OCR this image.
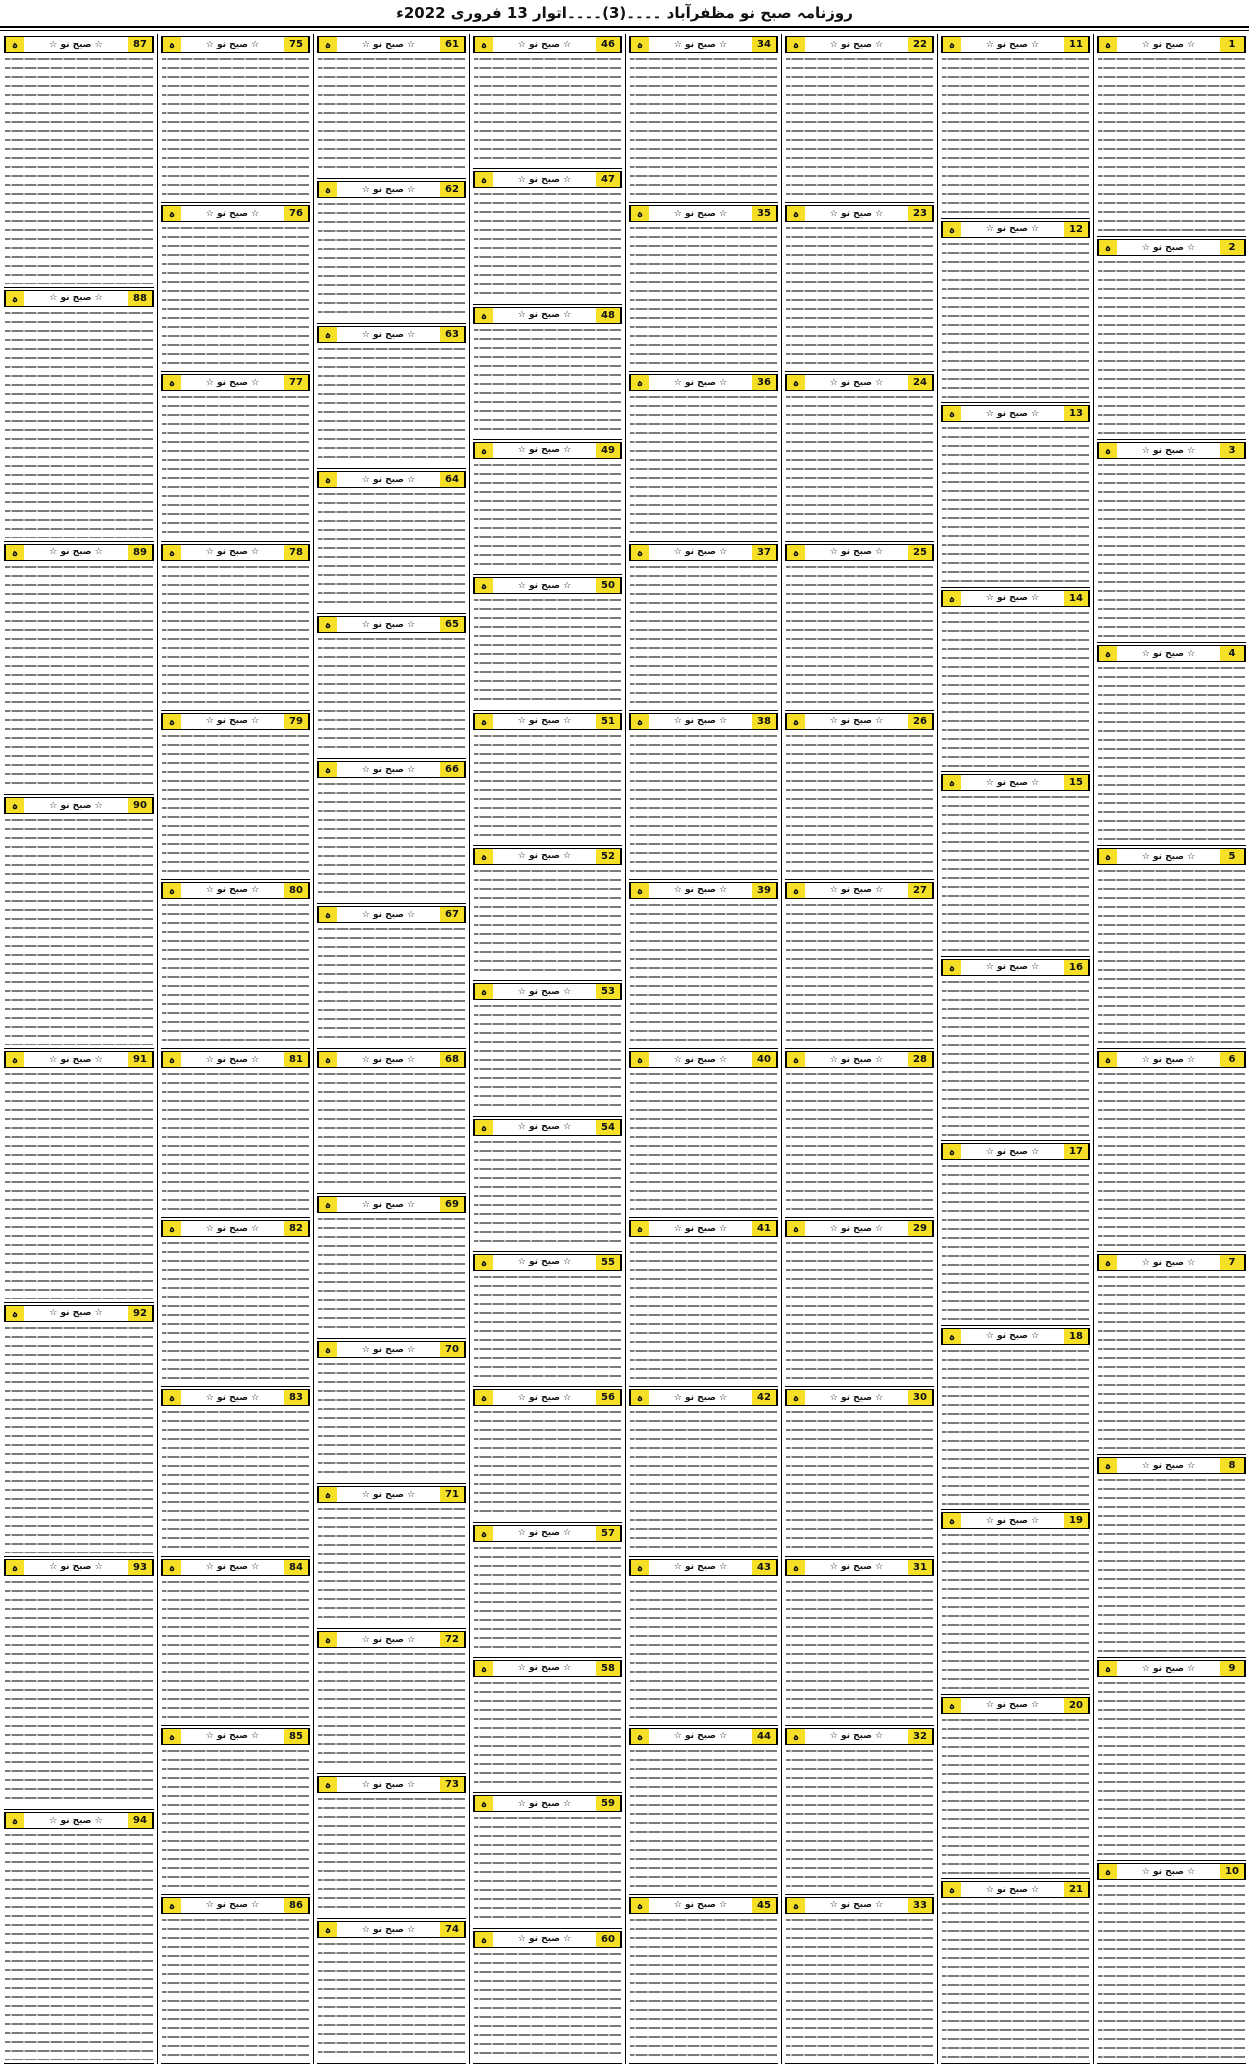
روزنامہ صبح نو مظفرآباد ۔۔۔۔(3)۔۔۔۔اتوار 13 فروری 2022ء
ہ	☆ صبح نو ☆	1
ہ	☆ صبح نو ☆	2
ہ	☆ صبح نو ☆	3
ہ	☆ صبح نو ☆	4
ہ	☆ صبح نو ☆	5
ہ	☆ صبح نو ☆	6
ہ	☆ صبح نو ☆	7
ہ	☆ صبح نو ☆	8
ہ	☆ صبح نو ☆	9
ہ	☆ صبح نو ☆	10
ہ	☆ صبح نو ☆	11
ہ	☆ صبح نو ☆	12
ہ	☆ صبح نو ☆	13
ہ	☆ صبح نو ☆	14
ہ	☆ صبح نو ☆	15
ہ	☆ صبح نو ☆	16
ہ	☆ صبح نو ☆	17
ہ	☆ صبح نو ☆	18
ہ	☆ صبح نو ☆	19
ہ	☆ صبح نو ☆	20
ہ	☆ صبح نو ☆	21
ہ	☆ صبح نو ☆	22
ہ	☆ صبح نو ☆	23
ہ	☆ صبح نو ☆	24
ہ	☆ صبح نو ☆	25
ہ	☆ صبح نو ☆	26
ہ	☆ صبح نو ☆	27
ہ	☆ صبح نو ☆	28
ہ	☆ صبح نو ☆	29
ہ	☆ صبح نو ☆	30
ہ	☆ صبح نو ☆	31
ہ	☆ صبح نو ☆	32
ہ	☆ صبح نو ☆	33
ہ	☆ صبح نو ☆	34
ہ	☆ صبح نو ☆	35
ہ	☆ صبح نو ☆	36
ہ	☆ صبح نو ☆	37
ہ	☆ صبح نو ☆	38
ہ	☆ صبح نو ☆	39
ہ	☆ صبح نو ☆	40
ہ	☆ صبح نو ☆	41
ہ	☆ صبح نو ☆	42
ہ	☆ صبح نو ☆	43
ہ	☆ صبح نو ☆	44
ہ	☆ صبح نو ☆	45
ہ	☆ صبح نو ☆	46
ہ	☆ صبح نو ☆	47
ہ	☆ صبح نو ☆	48
ہ	☆ صبح نو ☆	49
ہ	☆ صبح نو ☆	50
ہ	☆ صبح نو ☆	51
ہ	☆ صبح نو ☆	52
ہ	☆ صبح نو ☆	53
ہ	☆ صبح نو ☆	54
ہ	☆ صبح نو ☆	55
ہ	☆ صبح نو ☆	56
ہ	☆ صبح نو ☆	57
ہ	☆ صبح نو ☆	58
ہ	☆ صبح نو ☆	59
ہ	☆ صبح نو ☆	60
ہ	☆ صبح نو ☆	61
ہ	☆ صبح نو ☆	62
ہ	☆ صبح نو ☆	63
ہ	☆ صبح نو ☆	64
ہ	☆ صبح نو ☆	65
ہ	☆ صبح نو ☆	66
ہ	☆ صبح نو ☆	67
ہ	☆ صبح نو ☆	68
ہ	☆ صبح نو ☆	69
ہ	☆ صبح نو ☆	70
ہ	☆ صبح نو ☆	71
ہ	☆ صبح نو ☆	72
ہ	☆ صبح نو ☆	73
ہ	☆ صبح نو ☆	74
ہ	☆ صبح نو ☆	75
ہ	☆ صبح نو ☆	76
ہ	☆ صبح نو ☆	77
ہ	☆ صبح نو ☆	78
ہ	☆ صبح نو ☆	79
ہ	☆ صبح نو ☆	80
ہ	☆ صبح نو ☆	81
ہ	☆ صبح نو ☆	82
ہ	☆ صبح نو ☆	83
ہ	☆ صبح نو ☆	84
ہ	☆ صبح نو ☆	85
ہ	☆ صبح نو ☆	86
ہ	☆ صبح نو ☆	87
ہ	☆ صبح نو ☆	88
ہ	☆ صبح نو ☆	89
ہ	☆ صبح نو ☆	90
ہ	☆ صبح نو ☆	91
ہ	☆ صبح نو ☆	92
ہ	☆ صبح نو ☆	93
ہ	☆ صبح نو ☆	94
